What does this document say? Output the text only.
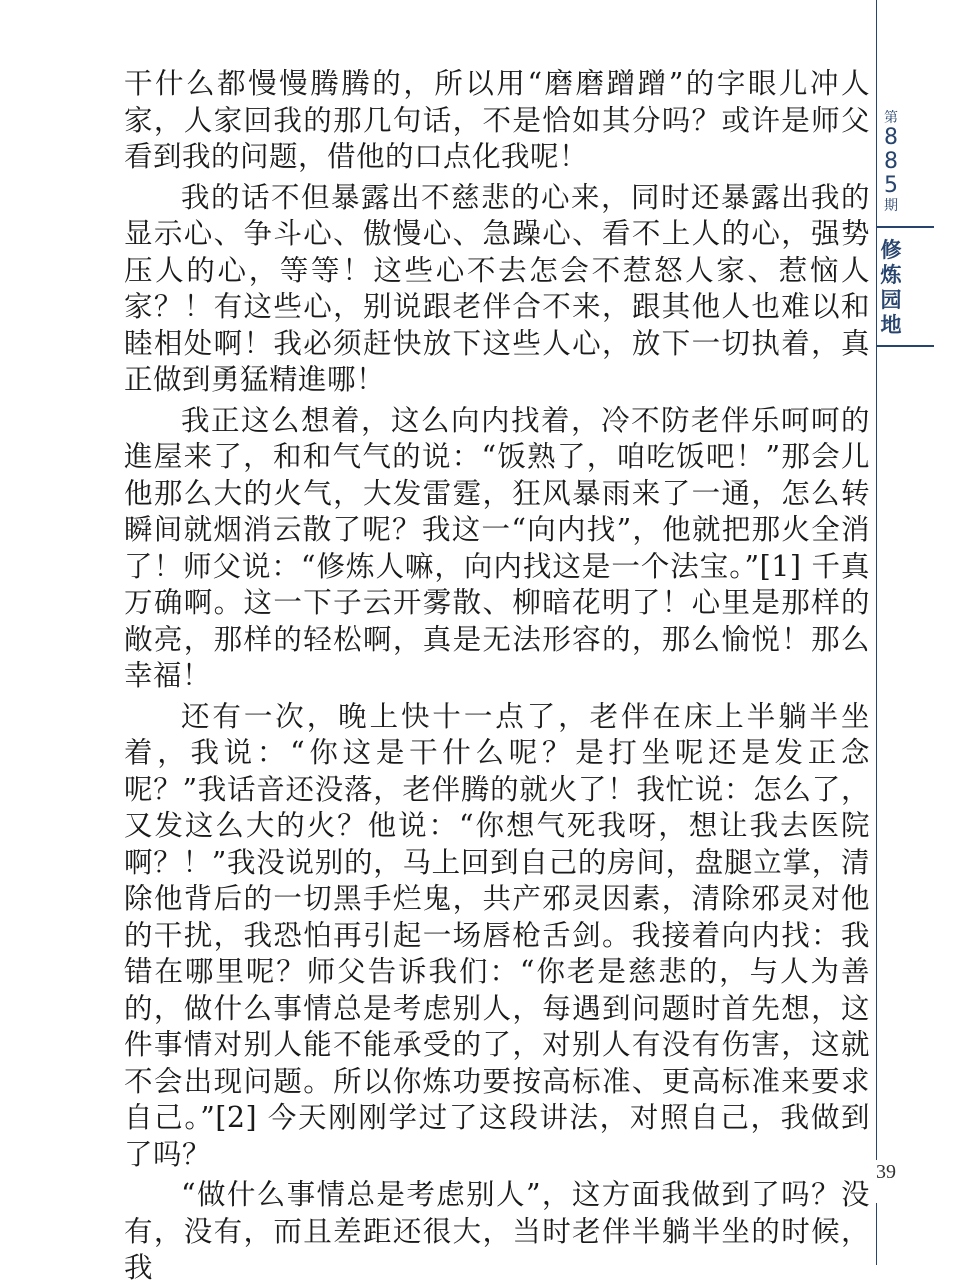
干什么都慢慢腾腾的，所以用“磨磨蹭蹭”的字眼儿冲人家，人家回我的那几句话，不是恰如其分吗？或许是师父看到我的问题，借他的口点化我呢！

我的话不但暴露出不慈悲的心来，同时还暴露出我的显示心、争斗心、傲慢心、急躁心、看不上人的心，强势压人的心，等等！这些心不去怎会不惹怒人家、惹恼人家？！有这些心，别说跟老伴合不来，跟其他人也难以和睦相处啊！我必须赶快放下这些人心，放下一切执着，真正做到勇猛精進哪！

我正这么想着，这么向内找着，冷不防老伴乐呵呵的進屋来了，和和气气的说：“饭熟了，咱吃饭吧！”那会儿他那么大的火气，大发雷霆，狂风暴雨来了一通，怎么转瞬间就烟消云散了呢？我这一“向内找”，他就把那火全消了！师父说：“修炼人嘛，向内找这是一个法宝。”[1] 千真万确啊。这一下子云开雾散、柳暗花明了！心里是那样的敞亮，那样的轻松啊，真是无法形容的，那么愉悦！那么幸福！

还有一次，晚上快十一点了，老伴在床上半躺半坐着，我说：“你这是干什么呢？是打坐呢还是发正念呢？”我话音还没落，老伴腾的就火了！我忙说：怎么了，又发这么大的火？他说：“你想气死我呀，想让我去医院啊？！”我没说别的，马上回到自己的房间，盘腿立掌，清除他背后的一切黑手烂鬼，共产邪灵因素，清除邪灵对他的干扰，我恐怕再引起一场唇枪舌剑。我接着向内找：我错在哪里呢？师父告诉我们：“你老是慈悲的，与人为善的，做什么事情总是考虑别人，每遇到问题时首先想，这件事情对别人能不能承受的了，对别人有没有伤害，这就不会出现问题。所以你炼功要按高标准、更高标准来要求自己。”[2] 今天刚刚学过了这段讲法，对照自己，我做到了吗？

“做什么事情总是考虑别人”，这方面我做到了吗？没有，没有，而且差距还很大，当时老伴半躺半坐的时候，我

第
8
8
5
期
修
炼
园
地
39
